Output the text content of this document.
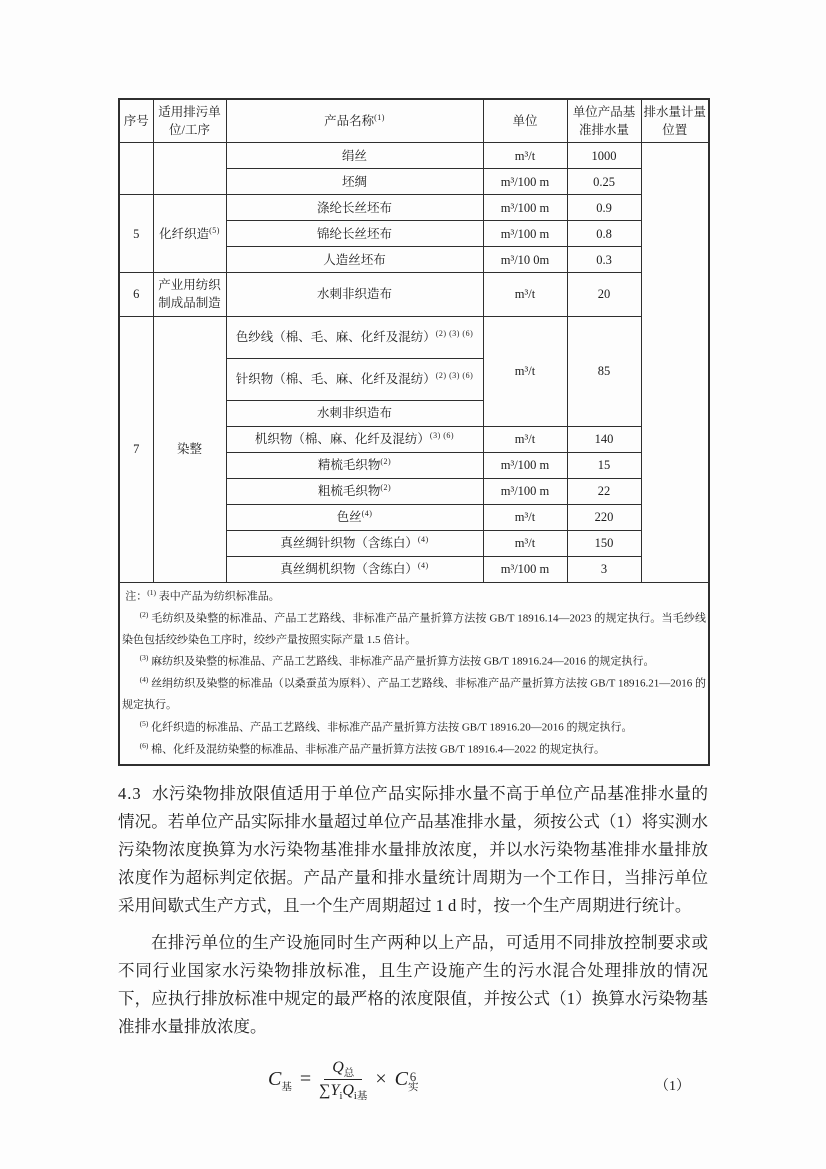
序号	适用排污单位/工序	产品名称$^{(1)}$	单位	单位产品基准排水量	排水量计量位置
		绢丝	m³/t	1000	
		坯绸	m³/100 m	0.25	
5	化纤织造$^{(5)}$	涤纶长丝坯布	m³/100 m	0.9	
		锦纶长丝坯布	m³/100 m	0.8	
		人造丝坯布	m³/10 0m	0.3	
6	产业用纺织制成品制造	水刺非织造布	m³/t	20	
7	染整	色纱线（棉、毛、麻、化纤及混纺）$^{(2) (3) (6)}$	m³/t	85	
		针织物（棉、毛、麻、化纤及混纺）$^{(2) (3) (6)}$
		水刺非织造布			
		机织物（棉、麻、化纤及混纺）$^{(3) (6)}$	m³/t	140	
		精梳毛织物$^{(2)}$	m³/100 m	15	
		粗梳毛织物$^{(2)}$	m³/100 m	22	
		色丝$^{(4)}$	m³/t	220	
		真丝绸针织物（含练白）$^{(4)}$	m³/t	150	
		真丝绸机织物（含练白）$^{(4)}$	m³/100 m	3	

注：$^{(1)}$ 表中产品为纺织标准品。

$^{(2)}$ 毛纺织及染整的标准品、产品工艺路线、非标准产品产量折算方法按 GB/T 18916.14—2023 的规定执行。当毛纱线染色包括绞纱染色工序时，绞纱产量按照实际产量 1.5 倍计。

$^{(3)}$ 麻纺织及染整的标准品、产品工艺路线、非标准产品产量折算方法按 GB/T 18916.24—2016 的规定执行。

$^{(4)}$ 丝绢纺织及染整的标准品（以桑蚕茧为原料）、产品工艺路线、非标准产品产量折算方法按 GB/T 18916.21—2016 的规定执行。

$^{(5)}$ 化纤织造的标准品、产品工艺路线、非标准产品产量折算方法按 GB/T 18916.20—2016 的规定执行。

$^{(6)}$ 棉、化纤及混纺染整的标准品、非标准产品产量折算方法按 GB/T 18916.4—2022 的规定执行。

4.3 水污染物排放限值适用于单位产品实际排水量不高于单位产品基准排水量的情况。若单位产品实际排水量超过单位产品基准排水量，须按公式（1）将实测水污染物浓度换算为水污染物基准排水量排放浓度，并以水污染物基准排水量排放浓度作为超标判定依据。产品产量和排水量统计周期为一个工作日，当排污单位采用间歇式生产方式，且一个生产周期超过 1 d 时，按一个生产周期进行统计。

在排污单位的生产设施同时生产两种以上产品，可适用不同排放控制要求或不同行业国家水污染物排放标准，且生产设施产生的污水混合处理排放的情况下，应执行排放标准中规定的最严格的浓度限值，并按公式（1）换算水污染物基准排水量排放浓度。

$C_基 = \frac{Q_总}{\sum Y_iQ_{i基}} \times C_实$	（1）
6
